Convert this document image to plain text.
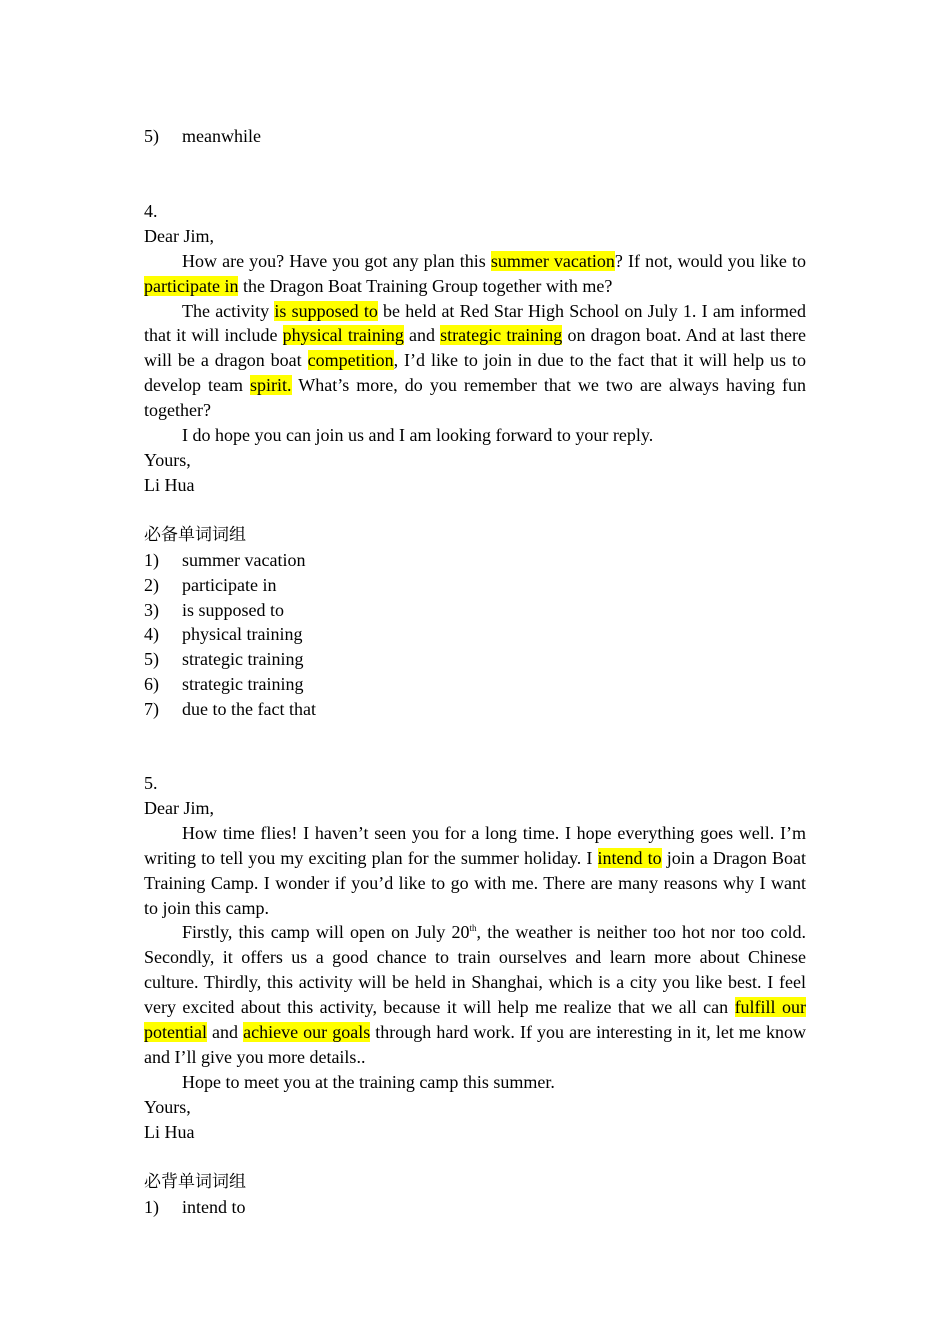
5)	meanwhile
4.
Dear Jim,
How are you? Have you got any plan this summer vacation? If not, would you like to participate in the Dragon Boat Training Group together with me?
The activity is supposed to be held at Red Star High School on July 1. I am informed that it will include physical training and strategic training on dragon boat. And at last there will be a dragon boat competition, I’d like to join in due to the fact that it will help us to develop team spirit. What’s more, do you remember that we two are always having fun together?
I do hope you can join us and I am looking forward to your reply.
Yours,
Li Hua
必备单词词组
1)	summer vacation
2)	participate in
3)	is supposed to
4)	physical training
5)	strategic training
6)	strategic training
7)	due to the fact that
5.
Dear Jim,
How time flies! I haven’t seen you for a long time. I hope everything goes well. I’m writing to tell you my exciting plan for the summer holiday. I intend to join a Dragon Boat Training Camp. I wonder if you’d like to go with me. There are many reasons why I want to join this camp.
Firstly, this camp will open on July 20th, the weather is neither too hot nor too cold. Secondly, it offers us a good chance to train ourselves and learn more about Chinese culture. Thirdly, this activity will be held in Shanghai, which is a city you like best. I feel very excited about this activity, because it will help me realize that we all can fulfill our potential and achieve our goals through hard work. If you are interesting in it, let me know and I’ll give you more details..
Hope to meet you at the training camp this summer.
Yours,
Li Hua
必背单词词组
1)	intend to
